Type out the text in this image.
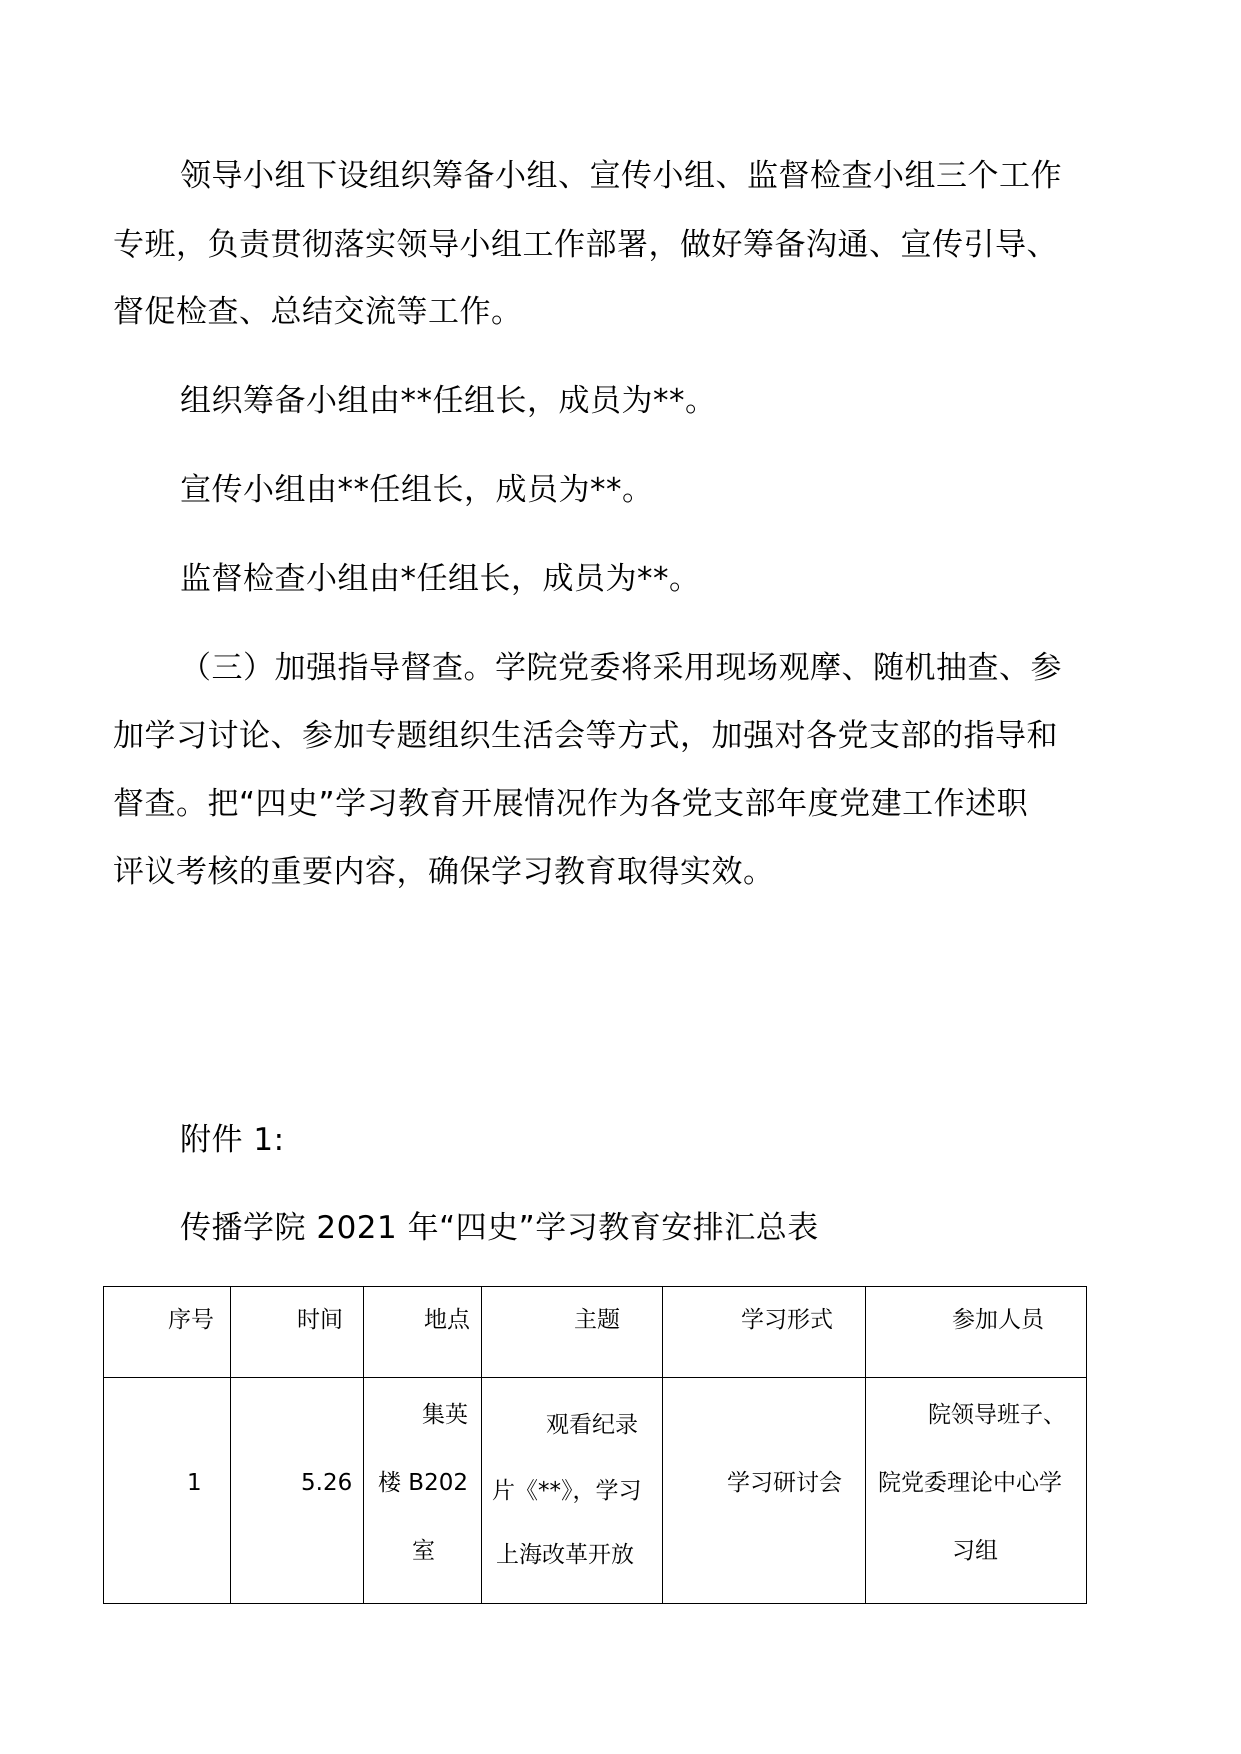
领导小组下设组织筹备小组、宣传小组、监督检查小组三个工作

专班，负责贯彻落实领导小组工作部署，做好筹备沟通、宣传引导、

督促检查、总结交流等工作。

组织筹备小组由**任组长，成员为**。

宣传小组由**任组长，成员为**。

监督检查小组由*任组长，成员为**。

（三）加强指导督查。学院党委将采用现场观摩、随机抽查、参

加学习讨论、参加专题组织生活会等方式，加强对各党支部的指导和

督查。把“四史”学习教育开展情况作为各党支部年度党建工作述职

评议考核的重要内容，确保学习教育取得实效。

附件 1:

传播学院 2021 年“四史”学习教育安排汇总表

序号	时间	地点	主题	学习形式	参加人员

1	5.26	集英
楼 B202
室	观看纪录
片《**》，学习
上海改革开放	学习研讨会	院领导班子、
院党委理论中心学
习组
